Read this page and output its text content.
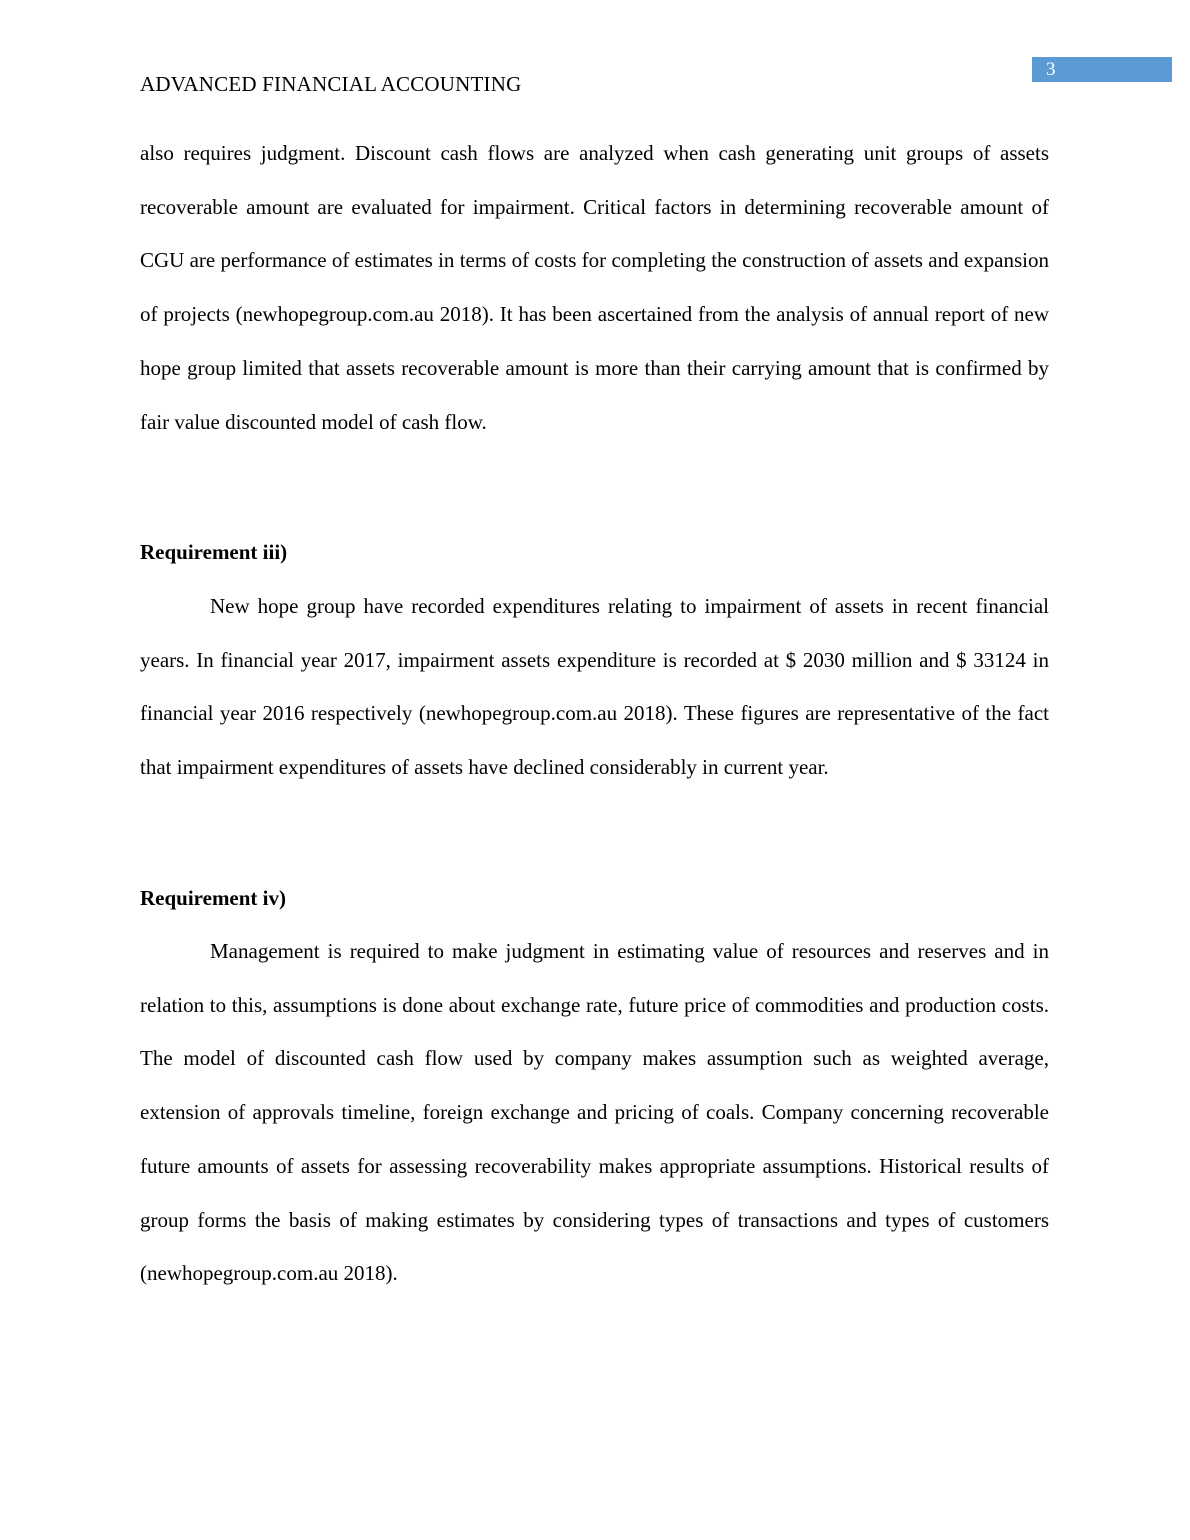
3
ADVANCED FINANCIAL ACCOUNTING

also requires judgment. Discount cash flows are analyzed when cash generating unit groups of assets recoverable amount are evaluated for impairment. Critical factors in determining recoverable amount of CGU are performance of estimates in terms of costs for completing the construction of assets and expansion of projects (newhopegroup.com.au 2018). It has been ascertained from the analysis of annual report of new hope group limited that assets recoverable amount is more than their carrying amount that is confirmed by fair value discounted model of cash flow.

Requirement iii)

New hope group have recorded expenditures relating to impairment of assets in recent financial years. In financial year 2017, impairment assets expenditure is recorded at $ 2030 million and $ 33124 in financial year 2016 respectively (newhopegroup.com.au 2018). These figures are representative of the fact that impairment expenditures of assets have declined considerably in current year.

Requirement iv)

Management is required to make judgment in estimating value of resources and reserves and in relation to this, assumptions is done about exchange rate, future price of commodities and production costs. The model of discounted cash flow used by company makes assumption such as weighted average, extension of approvals timeline, foreign exchange and pricing of coals. Company concerning recoverable future amounts of assets for assessing recoverability makes appropriate assumptions. Historical results of group forms the basis of making estimates by considering types of transactions and types of customers (newhopegroup.com.au 2018).
